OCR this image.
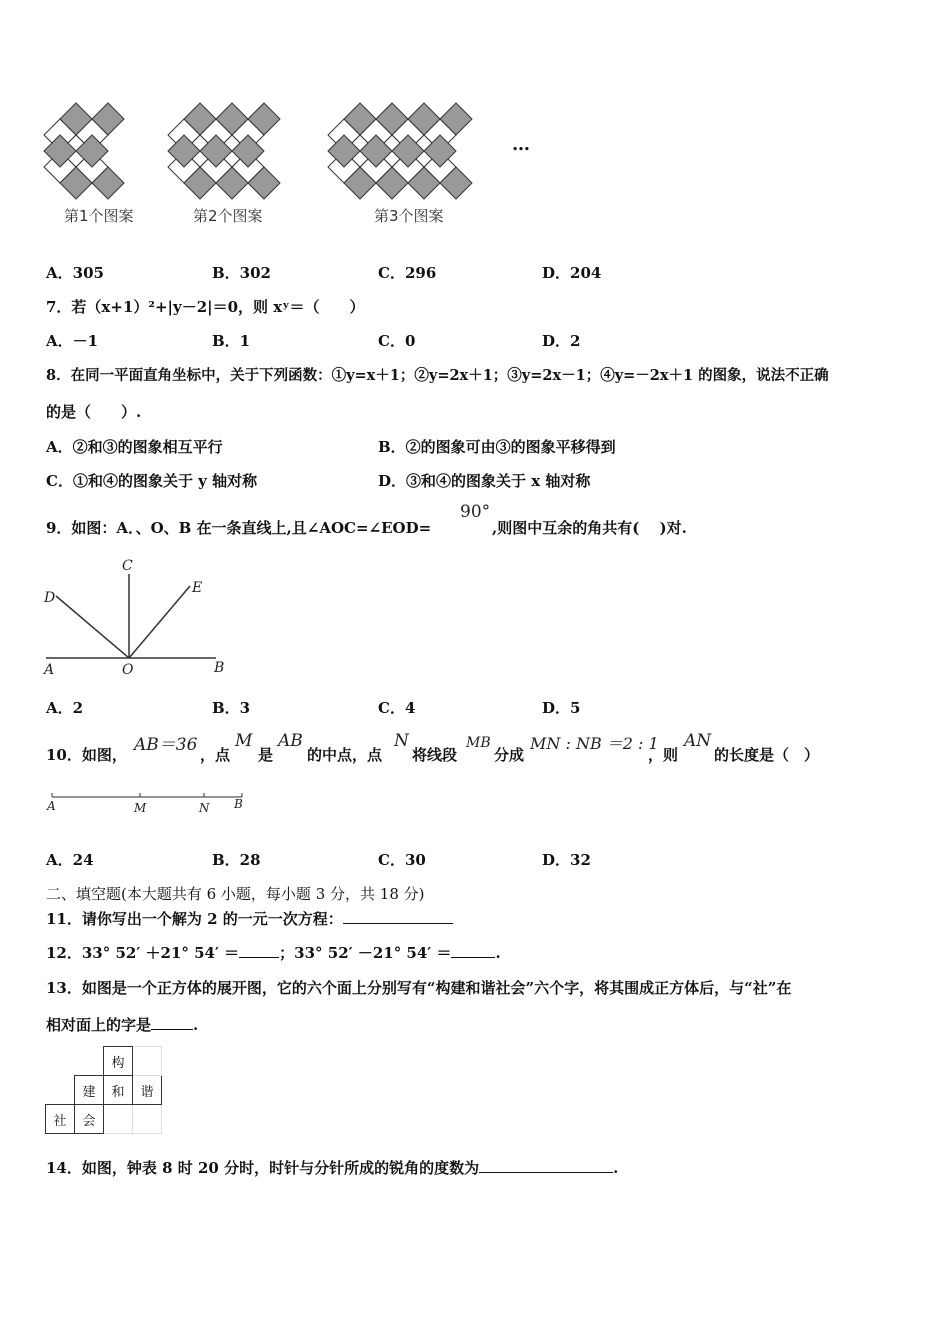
第1个图案	第2个图案	第3个图案
…
A．305	B．302	C．296	D．204
7．若（x+1）²+|y－2|＝0，则 xʸ＝（　　）
A．－1	B．1	C．0	D．2
8．在同一平面直角坐标中，关于下列函数：①y=x＋1；②y=2x＋1；③y=2x－1；④y=－2x＋1 的图象，说法不正确
的是（　　）.
A．②和③的图象相互平行	B．②的图象可由③的图象平移得到
C．①和④的图象关于 y 轴对称	D．③和④的图象关于 x 轴对称
9．如图：A．、O、B 在一条直线上,且∠AOC=∠EOD=
90°
,则图中互余的角共有(　 )对.
A	O	B
C
D
E
A．2	B．3	C．4	D．5
10．如图， AB＝36 ，点
M
是
AB
的中点，点
N
将线段
MB
分成
MN : NB ＝2 : 1
，则
AN
的长度是（　）
A	M	N B
A．24	B．28	C．30	D．32
二、填空题(本大题共有 6 小题，每小题 3 分，共 18 分)
11．请你写出一个解为 2 的一元一次方程：
12．33° 52′ ＋21° 54′ ＝	；33° 52′ －21° 54′ ＝	.
13．如图是一个正方体的展开图，它的六个面上分别写有“构建和谐社会”六个字，将其围成正方体后，与“社”在
相对面上的字是	.
		构	
	建	和	谐
社	会		
14．如图，钟表 8 时 20 分时，时针与分针所成的锐角的度数为	.
